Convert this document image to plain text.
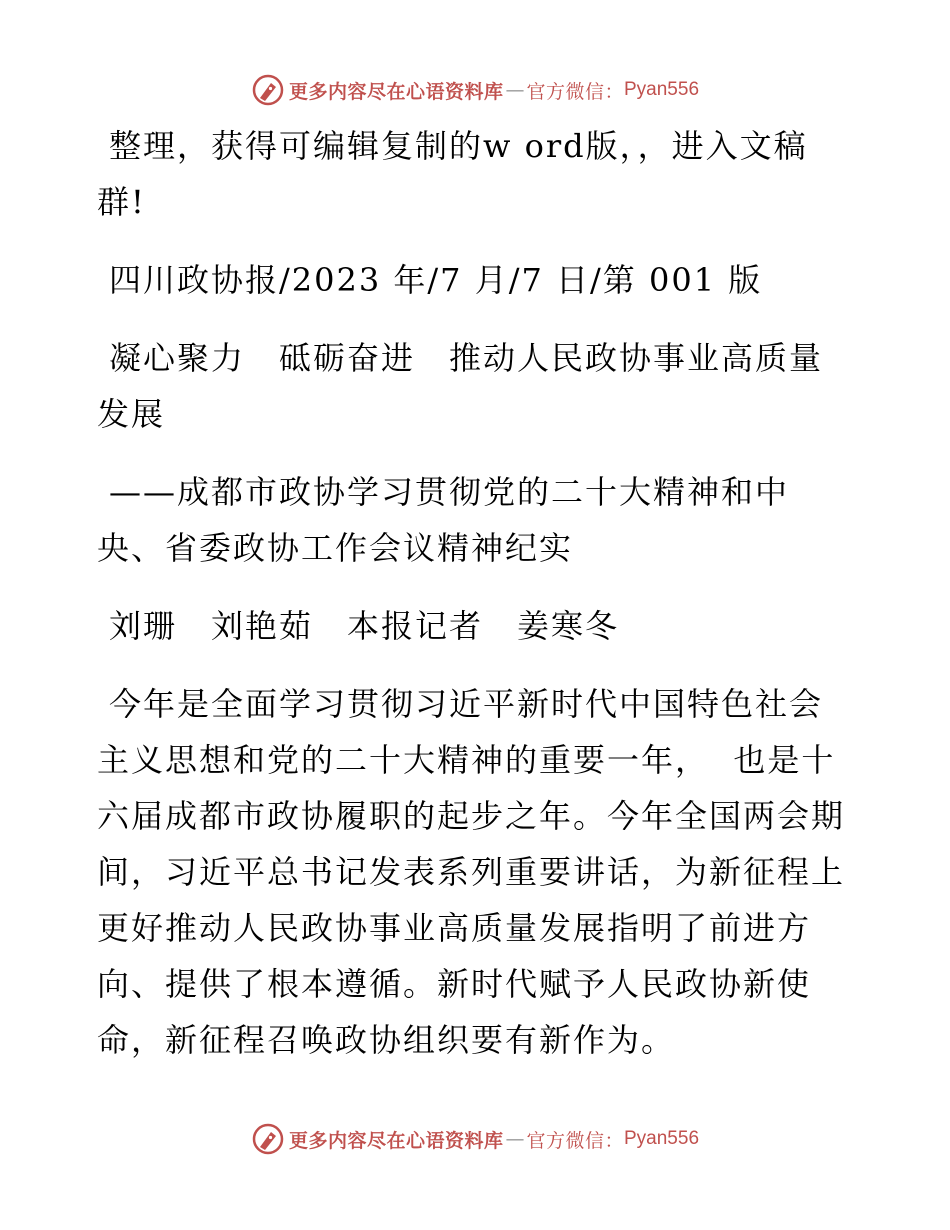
更多内容尽在心语资料库 — 官方微信： Pyan556
整理，获得可编辑复制的w ord版，，进入文稿
群!
四川政协报/2023 年/7 月/7 日/第 001 版
凝心聚力　砥砺奋进　推动人民政协事业高质量
发展
——成都市政协学习贯彻党的二十大精神和中
央、省委政协工作会议精神纪实
刘珊　刘艳茹　本报记者　姜寒冬
今年是全面学习贯彻习近平新时代中国特色社会
主义思想和党的二十大精神的重要一年，  也是十
六届成都市政协履职的起步之年。今年全国两会期
间，习近平总书记发表系列重要讲话，为新征程上
更好推动人民政协事业高质量发展指明了前进方
向、提供了根本遵循。新时代赋予人民政协新使
命，新征程召唤政协组织要有新作为。
更多内容尽在心语资料库 — 官方微信： Pyan556
